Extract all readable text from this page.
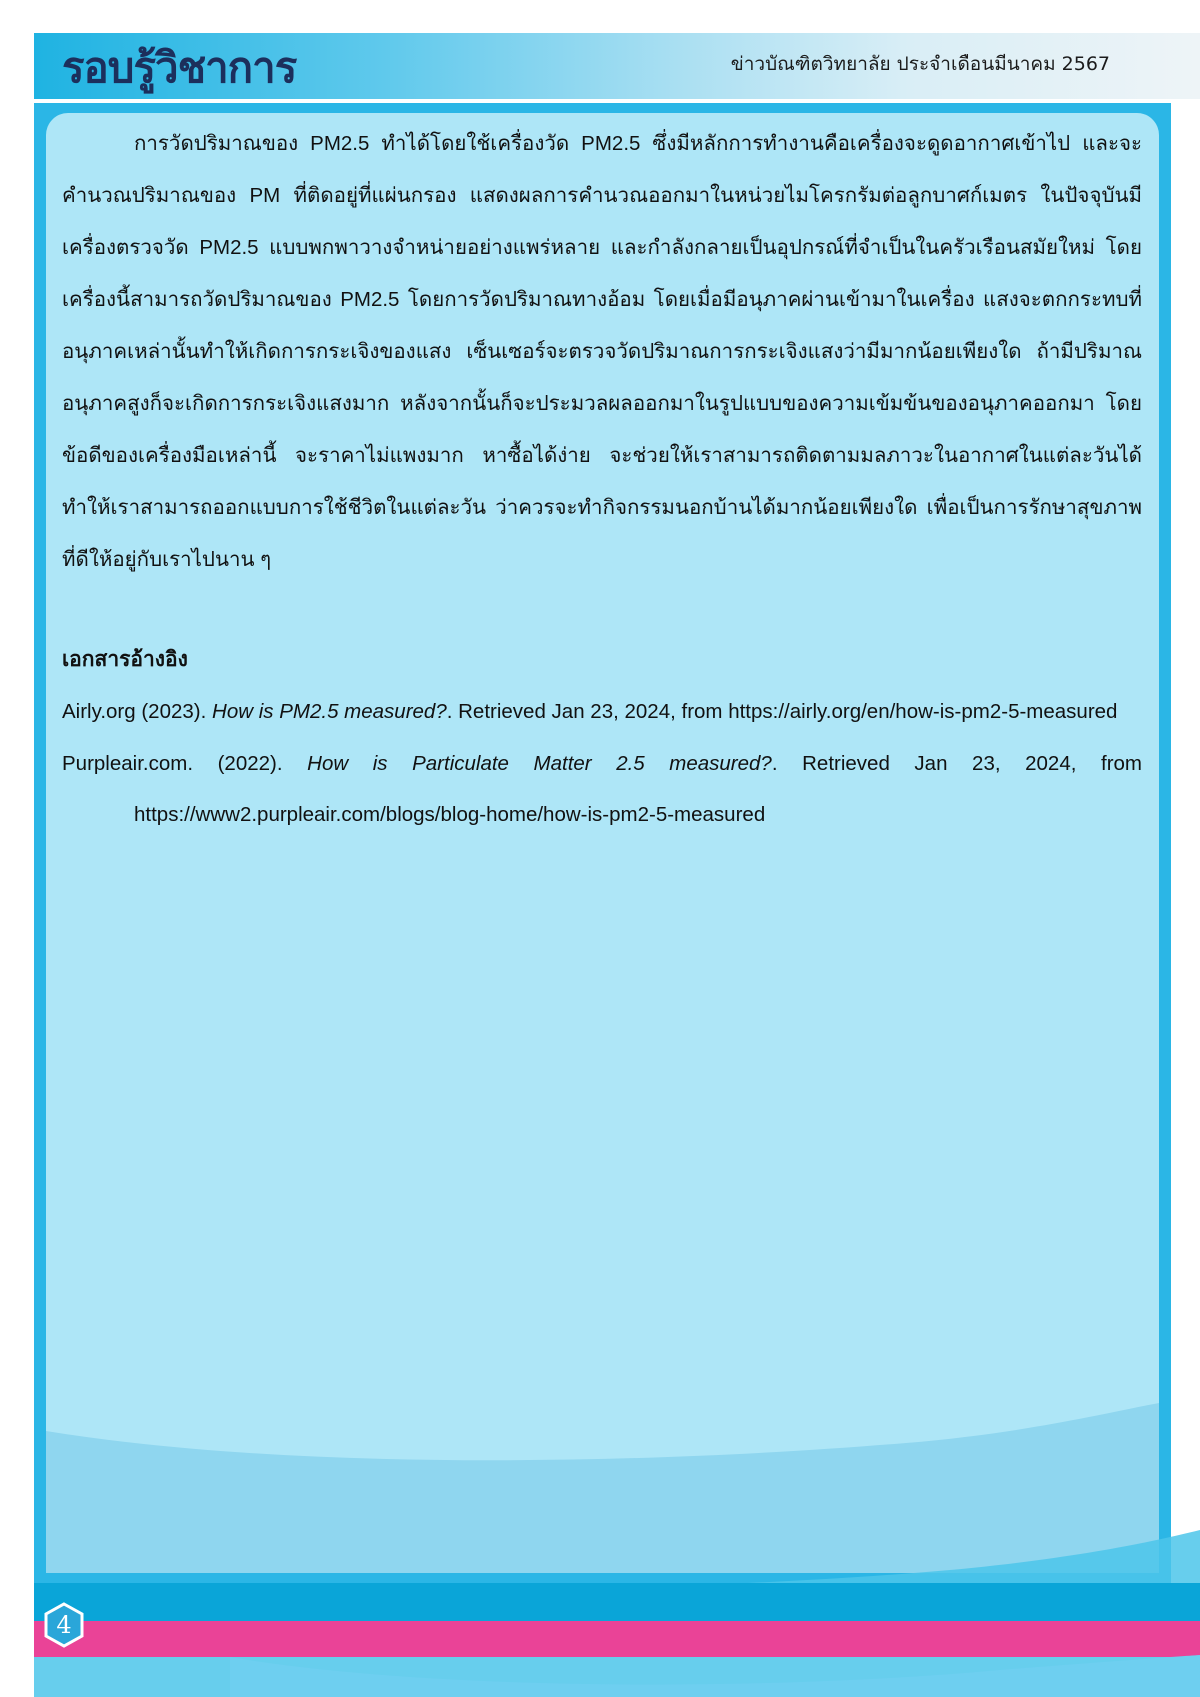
รอบรู้วิชาการ	ข่าวบัณฑิตวิทยาลัย ประจำเดือนมีนาคม 2567

การวัดปริมาณของ PM2.5 ทำได้โดยใช้เครื่องวัด PM2.5 ซึ่งมีหลักการทำงานคือเครื่องจะดูดอากาศเข้าไป และจะคำนวณปริมาณของ PM ที่ติดอยู่ที่แผ่นกรอง แสดงผลการคำนวณออกมาในหน่วยไมโครกรัมต่อลูกบาศก์เมตร ในปัจจุบันมีเครื่องตรวจวัด PM2.5 แบบพกพาวางจำหน่ายอย่างแพร่หลาย และกำลังกลายเป็นอุปกรณ์ที่จำเป็นในครัวเรือนสมัยใหม่ โดยเครื่องนี้สามารถวัดปริมาณของ PM2.5 โดยการวัดปริมาณทางอ้อม โดยเมื่อมีอนุภาคผ่านเข้ามาในเครื่อง แสงจะตกกระทบที่อนุภาคเหล่านั้นทำให้เกิดการกระเจิงของแสง เซ็นเซอร์จะตรวจวัดปริมาณการกระเจิงแสงว่ามีมากน้อยเพียงใด ถ้ามีปริมาณอนุภาคสูงก็จะเกิดการกระเจิงแสงมาก หลังจากนั้นก็จะประมวลผลออกมาในรูปแบบของความเข้มข้นของอนุภาคออกมา โดยข้อดีของเครื่องมือเหล่านี้ จะราคาไม่แพงมาก หาซื้อได้ง่าย จะช่วยให้เราสามารถติดตามมลภาวะในอากาศในแต่ละวันได้ ทำให้เราสามารถออกแบบการใช้ชีวิตในแต่ละวัน ว่าควรจะทำกิจกรรมนอกบ้านได้มากน้อยเพียงใด เพื่อเป็นการรักษาสุขภาพที่ดีให้อยู่กับเราไปนาน ๆ

เอกสารอ้างอิง

Airly.org (2023). How is PM2.5 measured?. Retrieved Jan 23, 2024, from https://airly.org/en/how-is-pm2-5-measured

Purpleair.com. (2022). How is Particulate Matter 2.5 measured?. Retrieved Jan 23, 2024, from https://www2.purpleair.com/blogs/blog-home/how-is-pm2-5-measured

4
